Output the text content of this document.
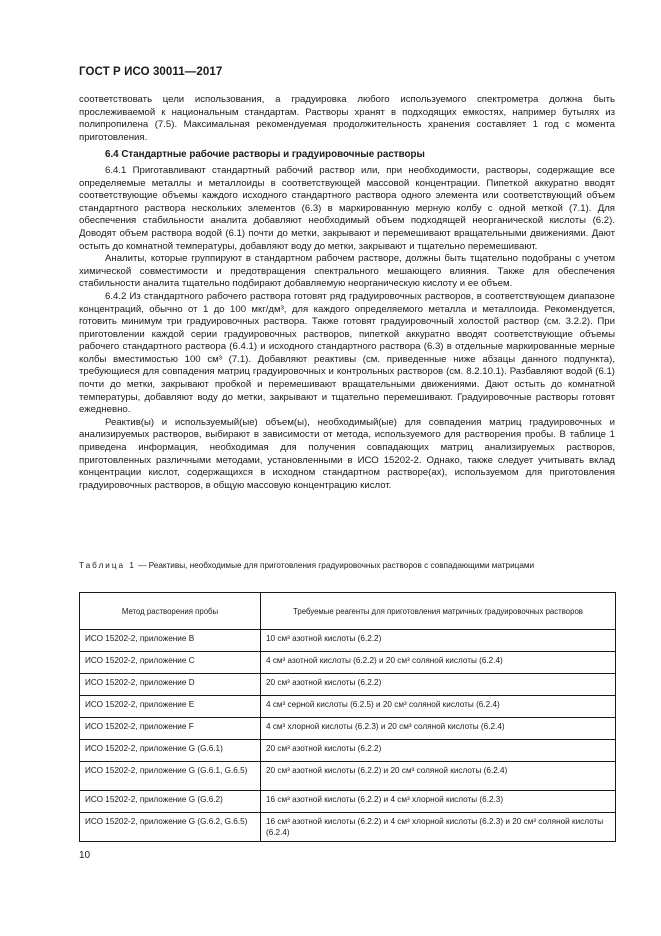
ГОСТ Р ИСО 30011—2017

соответствовать цели использования, а градуировка любого используемого спектрометра должна быть прослеживаемой к национальным стандартам. Растворы хранят в подходящих емкостях, например бутылях из полипропилена (7.5). Максимальная рекомендуемая продолжительность хранения составляет 1 год с момента приготовления.

6.4 Стандартные рабочие растворы и градуировочные растворы

6.4.1 Приготавливают стандартный рабочий раствор или, при необходимости, растворы, содержащие все определяемые металлы и металлоиды в соответствующей массовой концентрации. Пипеткой аккуратно вводят соответствующие объемы каждого исходного стандартного раствора одного элемента или соответствующий объем стандартного раствора нескольких элементов (6.3) в маркированную мерную колбу с одной меткой (7.1). Для обеспечения стабильности аналита добавляют необходимый объем подходящей неорганической кислоты (6.2). Доводят объем раствора водой (6.1) почти до метки, закрывают и перемешивают вращательными движениями. Дают остыть до комнатной температуры, добавляют воду до метки, закрывают и тщательно перемешивают.

Аналиты, которые группируют в стандартном рабочем растворе, должны быть тщательно подобраны с учетом химической совместимости и предотвращения спектрального мешающего влияния. Также для обеспечения стабильности аналита тщательно подбирают добавляемую неорганическую кислоту и ее объем.

6.4.2 Из стандартного рабочего раствора готовят ряд градуировочных растворов, в соответствующем диапазоне концентраций, обычно от 1 до 100 мкг/дм³, для каждого определяемого металла и металлоида. Рекомендуется, готовить минимум три градуировочных раствора. Также готовят градуировочный холостой раствор (см. 3.2.2). При приготовлении каждой серии градуировочных растворов, пипеткой аккуратно вводят соответствующие объемы рабочего стандартного раствора (6.4.1) и исходного стандартного раствора (6.3) в отдельные маркированные мерные колбы вместимостью 100 см³ (7.1). Добавляют реактивы (см. приведенные ниже абзацы данного подпункта), требующиеся для совпадения матриц градуировочных и контрольных растворов (см. 8.2.10.1). Разбавляют водой (6.1) почти до метки, закрывают пробкой и перемешивают вращательными движениями. Дают остыть до комнатной температуры, добавляют воду до метки, закрывают и тщательно перемешивают. Градуировочные растворы готовят ежедневно.

Реактив(ы) и используемый(ые) объем(ы), необходимый(ые) для совпадения матриц градуировочных и анализируемых растворов, выбирают в зависимости от метода, используемого для растворения пробы. В таблице 1 приведена информация, необходимая для получения совпадающих матриц анализируемых растворов, приготовленных различными методами, установленными в ИСО 15202-2. Однако, также следует учитывать вклад концентрации кислот, содержащихся в исходном стандартном растворе(ах), используемом для приготовления градуировочных растворов, в общую массовую концентрацию кислот.

Таблица 1 — Реактивы, необходимые для приготовления градуировочных растворов с совпадающими матрицами
Метод растворения пробы	Требуемые реагенты для приготовления матричных градуировочных растворов
ИСО 15202-2, приложение B	10 см³ азотной кислоты (6.2.2)
ИСО 15202-2, приложение C	4 см³ азотной кислоты (6.2.2) и 20 см³ соляной кислоты (6.2.4)
ИСО 15202-2, приложение D	20 см³ азотной кислоты (6.2.2)
ИСО 15202-2, приложение E	4 см³ серной кислоты (6.2.5) и 20 см³ соляной кислоты (6.2.4)
ИСО 15202-2, приложение F	4 см³ хлорной кислоты (6.2.3) и 20 см³ соляной кислоты (6.2.4)
ИСО 15202-2, приложение G (G.6.1)	20 см³ азотной кислоты (6.2.2)
ИСО 15202-2, приложение G (G.6.1, G.6.5)	20 см³ азотной кислоты (6.2.2) и 20 см³ соляной кислоты (6.2.4)
ИСО 15202-2, приложение G (G.6.2)	16 см³ азотной кислоты (6.2.2) и 4 см³ хлорной кислоты (6.2.3)
ИСО 15202-2, приложение G (G.6.2, G.6.5)	16 см³ азотной кислоты (6.2.2) и 4 см³ хлорной кислоты (6.2.3) и 20 см³ соляной кислоты (6.2.4)
10
